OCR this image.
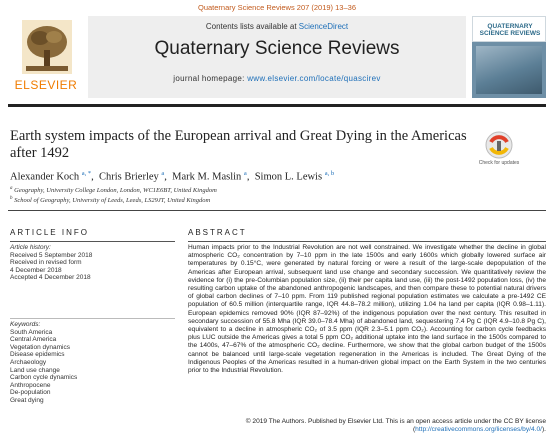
Quaternary Science Reviews 207 (2019) 13–36
ELSEVIER
Contents lists available at ScienceDirect
Quaternary Science Reviews
journal homepage: www.elsevier.com/locate/quascirev
QUATERNARY SCIENCE REVIEWS
Earth system impacts of the European arrival and Great Dying in the Americas after 1492
Check for updates
Alexander Koch $^{a, *}$,  Chris Brierley $^a$,  Mark M. Maslin $^a$,  Simon L. Lewis $^{a, b}$
$^a$ Geography, University College London, London, WC1E6BT, United Kingdom
$^b$ School of Geography, University of Leeds, Leeds, LS29JT, United Kingdom
ARTICLE INFO	ABSTRACT
Article history:
Received 5 September 2018
Received in revised form
4 December 2018
Accepted 4 December 2018
Keywords:
South America
Central America
Vegetation dynamics
Disease epidemics
Archaeology
Land use change
Carbon cycle dynamics
Anthropocene
De-population
Great dying
Human impacts prior to the Industrial Revolution are not well constrained. We investigate whether the decline in global atmospheric CO₂ concentration by 7–10 ppm in the late 1500s and early 1600s which globally lowered surface air temperatures by 0.15°C, were generated by natural forcing or were a result of the large-scale depopulation of the Americas after European arrival, subsequent land use change and secondary succession. We quantitatively review the evidence for (i) the pre-Columbian population size, (ii) their per capita land use, (iii) the post-1492 population loss, (iv) the resulting carbon uptake of the abandoned anthropogenic landscapes, and then compare these to potential natural drivers of global carbon declines of 7–10 ppm. From 119 published regional population estimates we calculate a pre-1492 CE population of 60.5 million (interquartile range, IQR 44.8–78.2 million), utilizing 1.04 ha land per capita (IQR 0.98–1.11). European epidemics removed 90% (IQR 87–92%) of the indigenous population over the next century. This resulted in secondary succession of 55.8 Mha (IQR 39.0–78.4 Mha) of abandoned land, sequestering 7.4 Pg C (IQR 4.9–10.8 Pg C), equivalent to a decline in atmospheric CO₂ of 3.5 ppm (IQR 2.3–5.1 ppm CO₂). Accounting for carbon cycle feedbacks plus LUC outside the Americas gives a total 5 ppm CO₂ additional uptake into the land surface in the 1500s compared to the 1400s, 47–67% of the atmospheric CO₂ decline. Furthermore, we show that the global carbon budget of the 1500s cannot be balanced until large-scale vegetation regeneration in the Americas is included. The Great Dying of the Indigenous Peoples of the Americas resulted in a human-driven global impact on the Earth System in the two centuries prior to the Industrial Revolution.
© 2019 The Authors. Published by Elsevier Ltd. This is an open access article under the CC BY license (http://creativecommons.org/licenses/by/4.0/).
